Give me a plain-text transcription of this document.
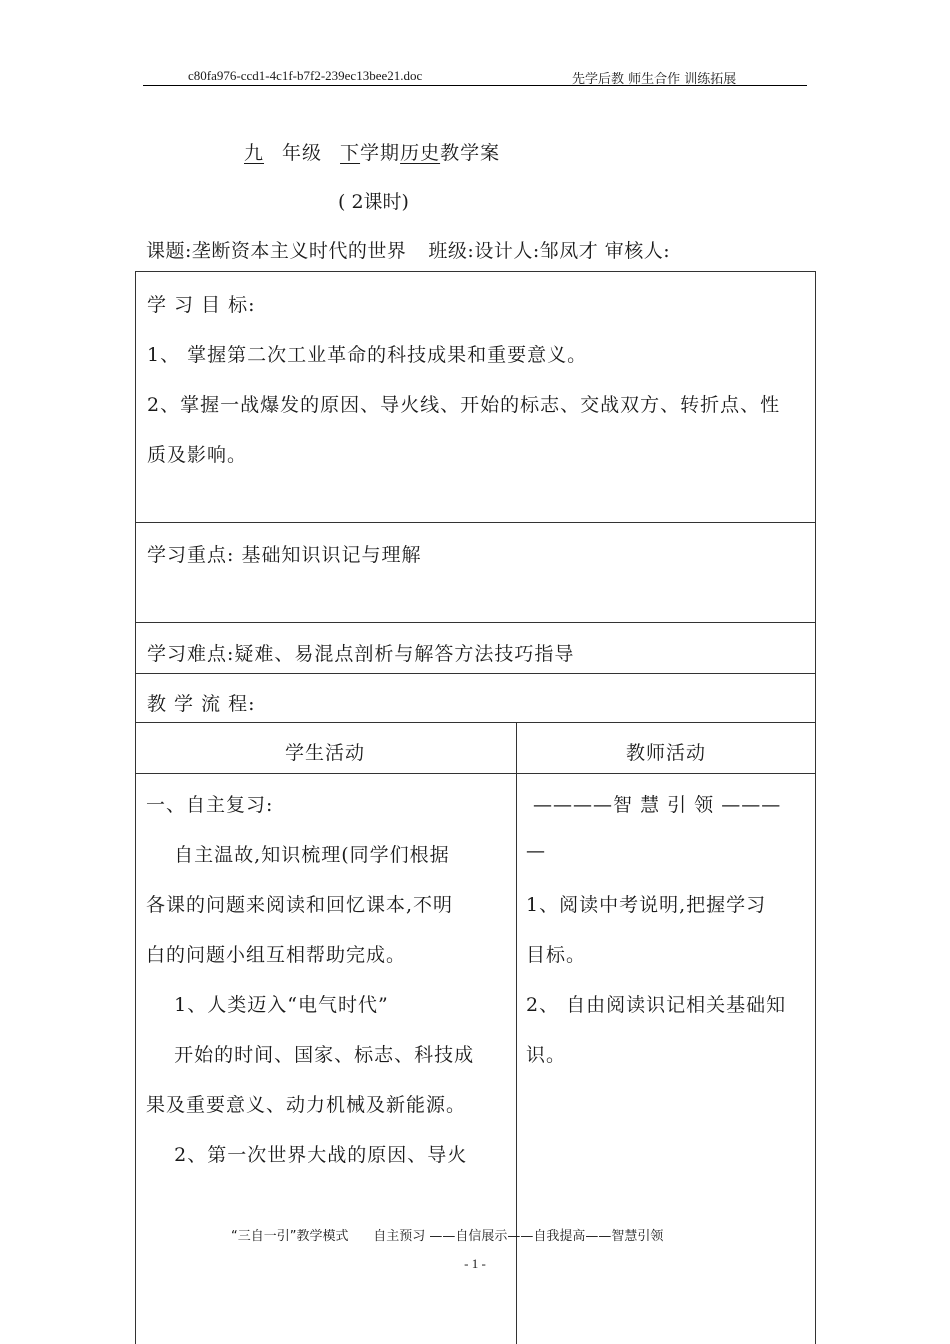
c80fa976-ccd1-4c1f-b7f2-239ec13bee21.doc	先学后教 师生合作 训练拓展
九 年级 下学期历史教学案
( 2课时)
课题:垄断资本主义时代的世界 班级:设计人:邹凤才 审核人:
学 习 目 标:
1、 掌握第二次工业革命的科技成果和重要意义。
2、掌握一战爆发的原因、导火线、开始的标志、交战双方、转折点、性
质及影响。
学习重点: 基础知识识记与理解
学习难点:疑难、易混点剖析与解答方法技巧指导
教 学 流 程:
学生活动	教师活动
一、自主复习:
自主温故,知识梳理(同学们根据
各课的问题来阅读和回忆课本,不明
白的问题小组互相帮助完成。
1、人类迈入“电气时代”
开始的时间、国家、标志、科技成
果及重要意义、动力机械及新能源。
2、第一次世界大战的原因、导火
————智 慧 引 领 ———
—
1、阅读中考说明,把握学习
目标。
2、 自由阅读识记相关基础知
识。
“三自一引”教学模式      自主预习 ——自信展示——自我提高——智慧引领
- 1 -
